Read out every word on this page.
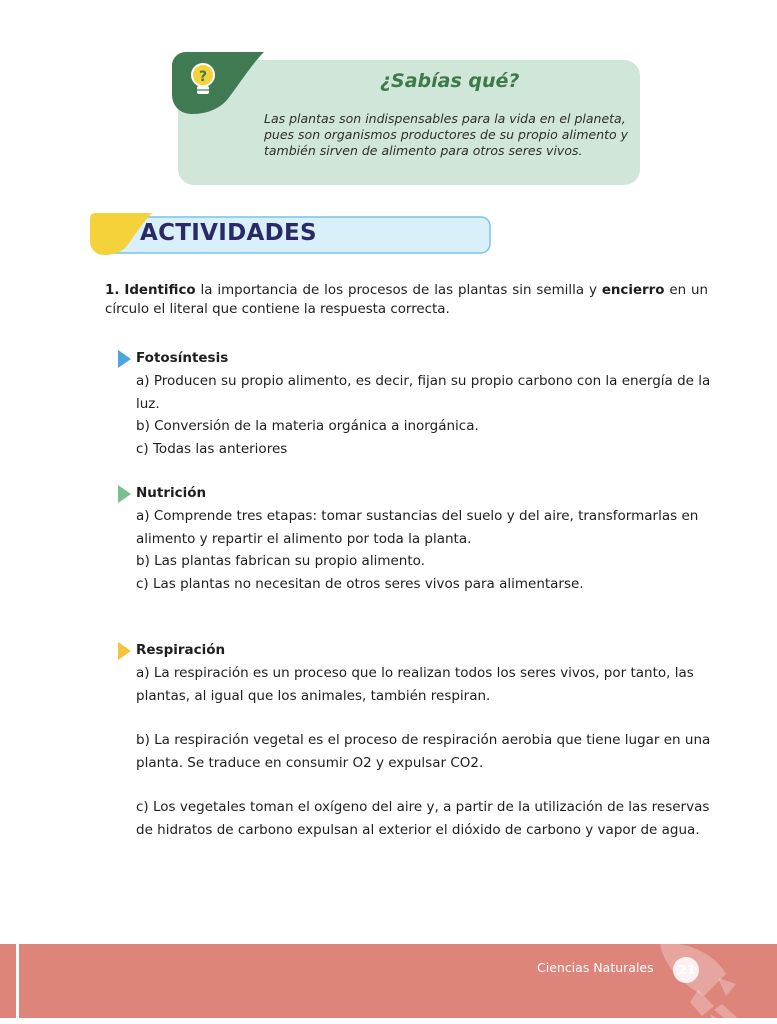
?	¿Sabías qué?

Las plantas son indispensables para la vida en el planeta, pues son organismos productores de su propio alimento y también sirven de alimento para otros seres vivos.

ACTIVIDADES

1. Identifico la importancia de los procesos de las plantas sin semilla y encierro en un círculo el literal que contiene la respuesta correcta.

Fotosíntesis

a) Producen su propio alimento, es decir, fijan su propio carbono con la energía de la luz.

b) Conversión de la materia orgánica a inorgánica.

c) Todas las anteriores

Nutrición

a) Comprende tres etapas: tomar sustancias del suelo y del aire, transformarlas en alimento y repartir el alimento por toda la planta.

b) Las plantas fabrican su propio alimento.

c) Las plantas no necesitan de otros seres vivos para alimentarse.

Respiración

a) La respiración es un proceso que lo realizan todos los seres vivos, por tanto, las plantas, al igual que los animales, también respiran.

b) La respiración vegetal es el proceso de respiración aerobia que tiene lugar en una planta. Se traduce en consumir O2 y expulsar CO2.

c) Los vegetales toman el oxígeno del aire y, a partir de la utilización de las reservas de hidratos de carbono expulsan al exterior el dióxido de carbono y vapor de agua.

Ciencias Naturales 21
